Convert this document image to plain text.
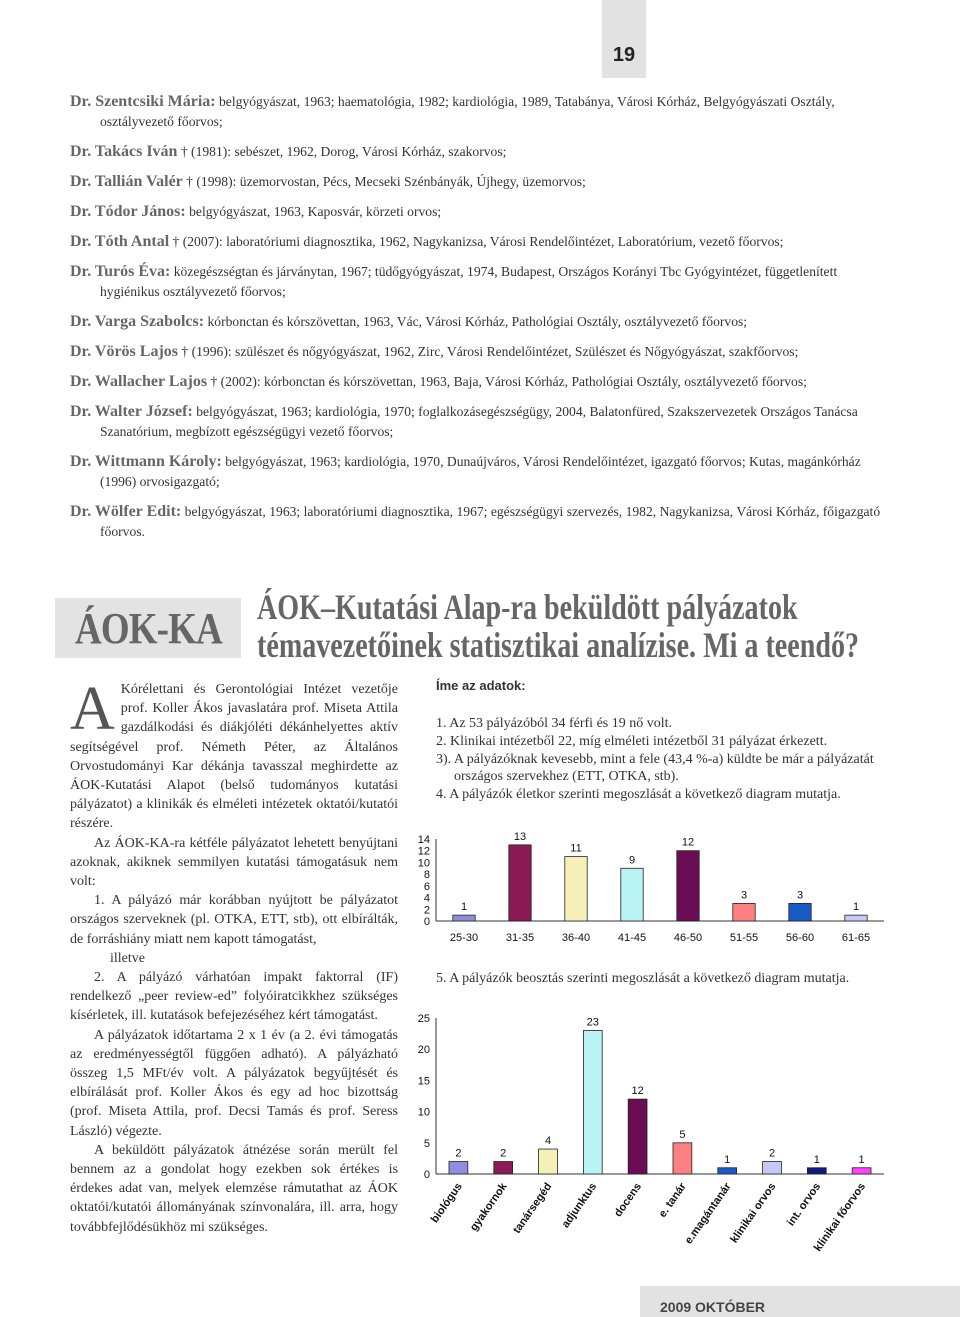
19
Dr. Szentcsiki Mária: belgyógyászat, 1963; haematológia, 1982; kardiológia, 1989, Tatabánya, Városi Kórház, Belgyógyászati Osztály, osztályvezető főorvos;
Dr. Takács Iván † (1981): sebészet, 1962, Dorog, Városi Kórház, szakorvos;
Dr. Tallián Valér † (1998): üzemorvostan, Pécs, Mecseki Szénbányák, Újhegy, üzemorvos;
Dr. Tódor János: belgyógyászat, 1963, Kaposvár, körzeti orvos;
Dr. Tóth Antal † (2007): laboratóriumi diagnosztika, 1962, Nagykanizsa, Városi Rendelőintézet, Laboratórium, vezető főorvos;
Dr. Turós Éva: közegészségtan és járványtan, 1967; tüdőgyógyászat, 1974, Budapest, Országos Korányi Tbc Gyógyintézet, függetlenített hygiénikus osztályvezető főorvos;
Dr. Varga Szabolcs: kórbonctan és kórszövettan, 1963, Vác, Városi Kórház, Pathológiai Osztály, osztályvezető főorvos;
Dr. Vörös Lajos † (1996): szülészet és nőgyógyászat, 1962, Zirc, Városi Rendelőintézet, Szülészet és Nőgyógyászat, szakfőorvos;
Dr. Wallacher Lajos † (2002): kórbonctan és kórszövettan, 1963, Baja, Városi Kórház, Pathológiai Osztály, osztályvezető főorvos;
Dr. Walter József: belgyógyászat, 1963; kardiológia, 1970; foglalkozásegészségügy, 2004, Balatonfüred, Szakszervezetek Országos Tanácsa Szanatórium, megbízott egészségügyi vezető főorvos;
Dr. Wittmann Károly: belgyógyászat, 1963; kardiológia, 1970, Dunaújváros, Városi Rendelőintézet, igazgató főorvos; Kutas, magánkórház (1996) orvosigazgató;
Dr. Wölfer Edit: belgyógyászat, 1963; laboratóriumi diagnosztika, 1967; egészségügyi szervezés, 1982, Nagykanizsa, Városi Kórház, főigazgató főorvos.
ÁOK-KA ÁOK–Kutatási Alap-ra beküldött pályázatok
témavezetőinek statisztikai analízise. Mi a teendő?

A Kórélettani és Gerontológiai Intézet vezetője prof. Koller Ákos javaslatára prof. Miseta Attila gazdálkodási és diákjóléti dékánhelyettes aktív segítségével prof. Németh Péter, az Általános Orvostudományi Kar dékánja tavasszal meghirdette az ÁOK-Kutatási Alapot (belső tudományos kutatási pályázatot) a klinikák és elméleti intézetek oktatói/kutatói részére.

Az ÁOK-KA-ra kétféle pályázatot lehetett benyújtani azoknak, akiknek semmilyen kutatási támogatásuk nem volt:

1. A pályázó már korábban nyújtott be pályázatot országos szerveknek (pl. OTKA, ETT, stb), ott elbírálták, de forráshiány miatt nem kapott támogatást,

illetve

2. A pályázó várhatóan impakt faktorral (IF) rendelkező „peer review-ed” folyóiratcikkhez szükséges kísérletek, ill. kutatások befejezéséhez kért támogatást.

A pályázatok időtartama 2 x 1 év (a 2. évi támogatás az eredményességtől függően adható). A pályázható összeg 1,5 MFt/év volt. A pályázatok begyűjtését és elbírálását prof. Koller Ákos és egy ad hoc bizottság (prof. Miseta Attila, prof. Decsi Tamás és prof. Seress László) végezte.

A beküldött pályázatok átnézése során merült fel bennem az a gondolat hogy ezekben sok értékes is érdekes adat van, melyek elemzése rámutathat az ÁOK oktatói/kutatói állományának színvonalára, ill. arra, hogy továbbfejlődésükhöz mi szükséges.

Íme az adatok:
1. Az 53 pályázóból 34 férfi és 19 nő volt.
2. Klinikai intézetből 22, míg elméleti intézetből 31 pályázat érkezett.
3). A pályázóknak kevesebb, mint a fele (43,4 %-a) küldte be már a pályázatát országos szervekhez (ETT, OTKA, stb).
4. A pályázók életkor szerinti megoszlását a következő diagram mutatja.
0
2
4
6
8
10
12
14
1
25-30
13
31-35
11
36-40
9
41-45
12
46-50
3
51-55
3
56-60
1
61-65
5. A pályázók beosztás szerinti megoszlását a következő diagram mutatja.
0
5
10
15
20
25
2
biológus
2
gyakornok
4
tanársegéd
23
adjunktus
12
docens
5
e. tanár
1
e.magántanár
2
klinikai orvos
1
int. orvos
1
klinikai főorvos
2009 OKTÓBER
